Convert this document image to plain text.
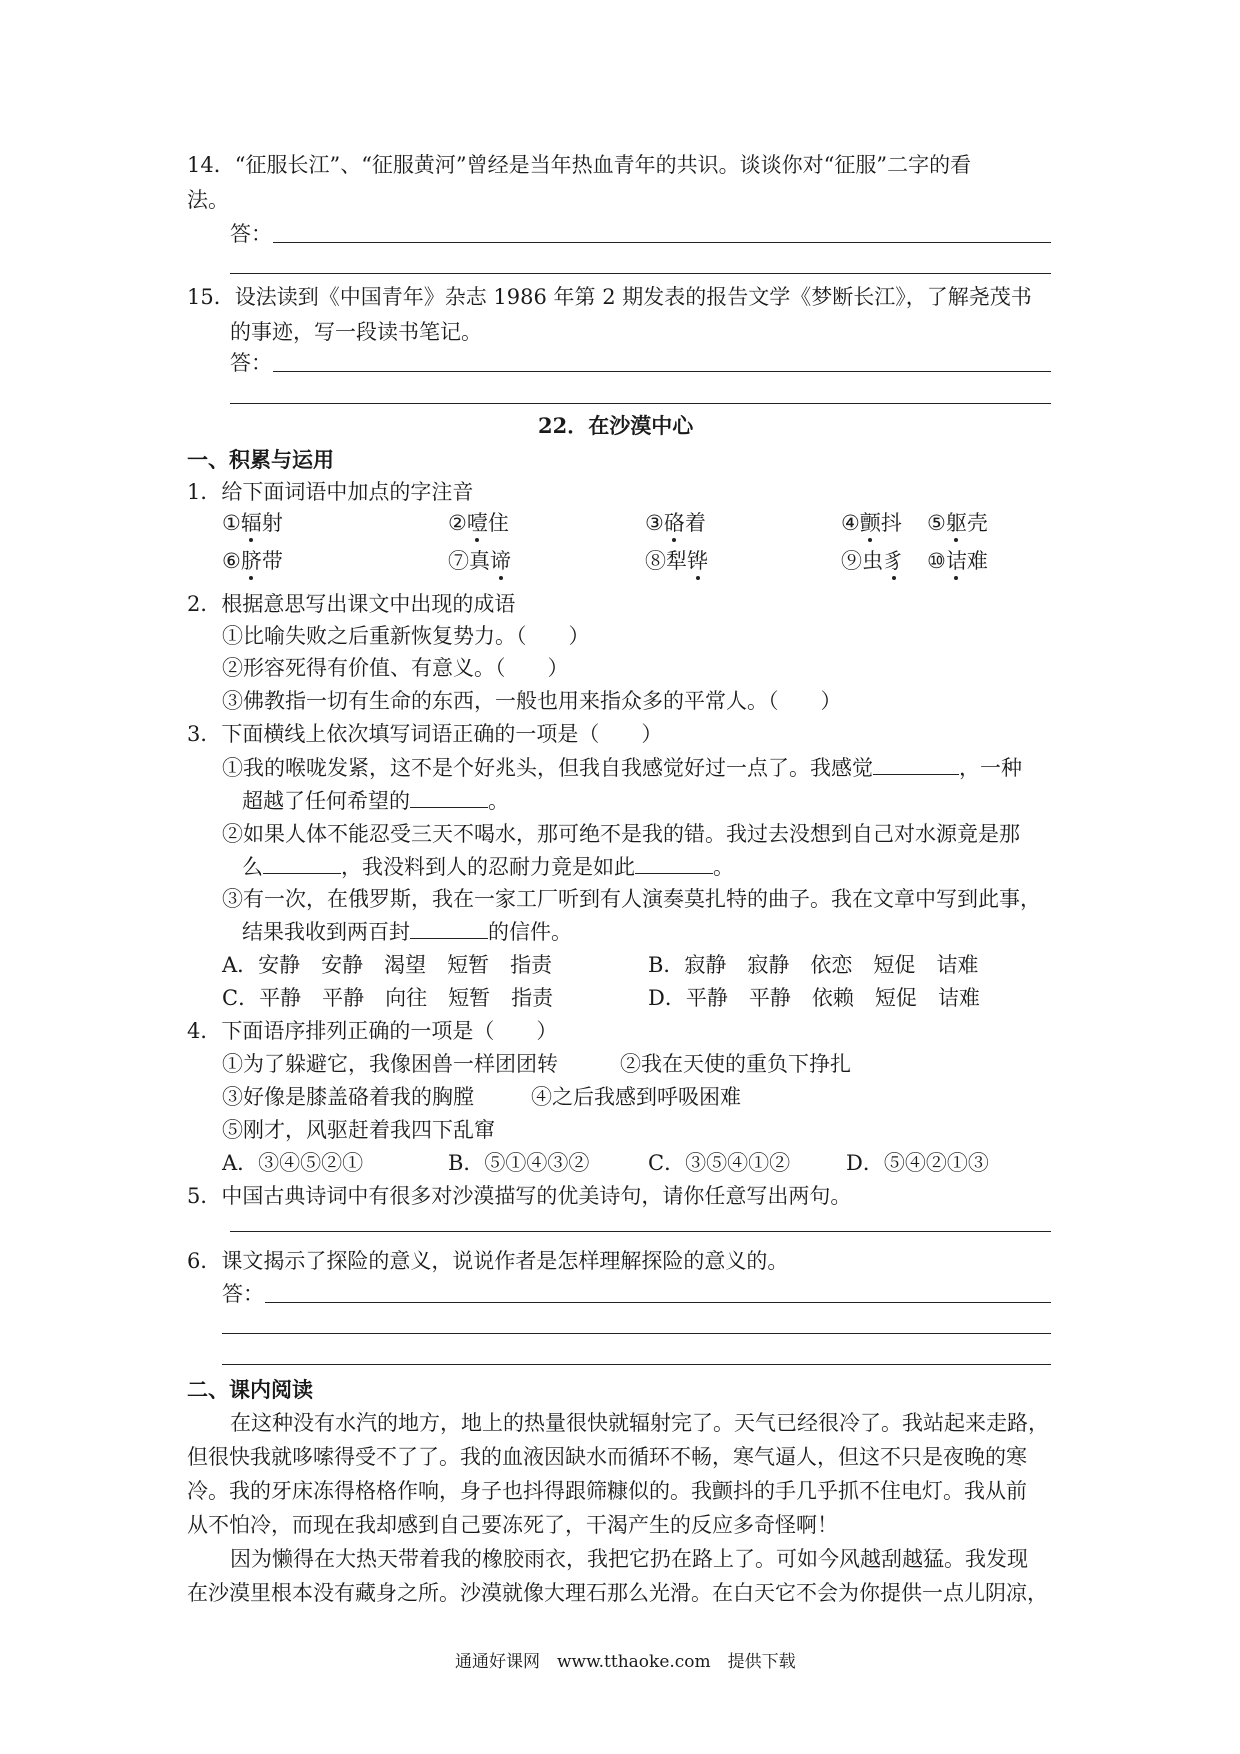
14．“征服长江”、“征服黄河”曾经是当年热血青年的共识。谈谈你对“征服”二字的看
法。
答：
15．设法读到《中国青年》杂志 1986 年第 2 期发表的报告文学《梦断长江》，了解尧茂书
的事迹，写一段读书笔记。
答：
22．在沙漠中心
一、积累与运用
1．给下面词语中加点的字注音
①辐射	②噎住	③硌着	④颤抖 ⑤躯壳
⑥脐带	⑦真谛	⑧犁铧	⑨虫豸 ⑩诘难
2．根据意思写出课文中出现的成语
①比喻失败之后重新恢复势力。（　　）
②形容死得有价值、有意义。（　　）
③佛教指一切有生命的东西，一般也用来指众多的平常人。（　　）
3．下面横线上依次填写词语正确的一项是（　　）
①我的喉咙发紧，这不是个好兆头，但我自我感觉好过一点了。我感觉	，一种
超越了任何希望的	。
②如果人体不能忍受三天不喝水，那可绝不是我的错。我过去没想到自己对水源竟是那
么	，我没料到人的忍耐力竟是如此	。
③有一次，在俄罗斯，我在一家工厂听到有人演奏莫扎特的曲子。我在文章中写到此事，
结果我收到两百封	的信件。
A．安静　安静　渴望　短暂　指责	B．寂静　寂静　依恋　短促　诘难
C．平静　平静　向往　短暂　指责	D．平静　平静　依赖　短促　诘难
4．下面语序排列正确的一项是（　　）
①为了躲避它，我像困兽一样团团转	②我在天使的重负下挣扎
③好像是膝盖硌着我的胸膛	④之后我感到呼吸困难
⑤刚才，风驱赶着我四下乱窜
A．③④⑤②①	B．⑤①④③②	C．③⑤④①②	D．⑤④②①③
5．中国古典诗词中有很多对沙漠描写的优美诗句，请你任意写出两句。
6．课文揭示了探险的意义，说说作者是怎样理解探险的意义的。
答：
二、课内阅读
在这种没有水汽的地方，地上的热量很快就辐射完了。天气已经很冷了。我站起来走路，
但很快我就哆嗦得受不了了。我的血液因缺水而循环不畅，寒气逼人，但这不只是夜晚的寒
冷。我的牙床冻得格格作响，身子也抖得跟筛糠似的。我颤抖的手几乎抓不住电灯。我从前
从不怕冷，而现在我却感到自己要冻死了，干渴产生的反应多奇怪啊！
因为懒得在大热天带着我的橡胶雨衣，我把它扔在路上了。可如今风越刮越猛。我发现
在沙漠里根本没有藏身之所。沙漠就像大理石那么光滑。在白天它不会为你提供一点儿阴凉，
通通好课网　www.tthaoke.com　提供下载
